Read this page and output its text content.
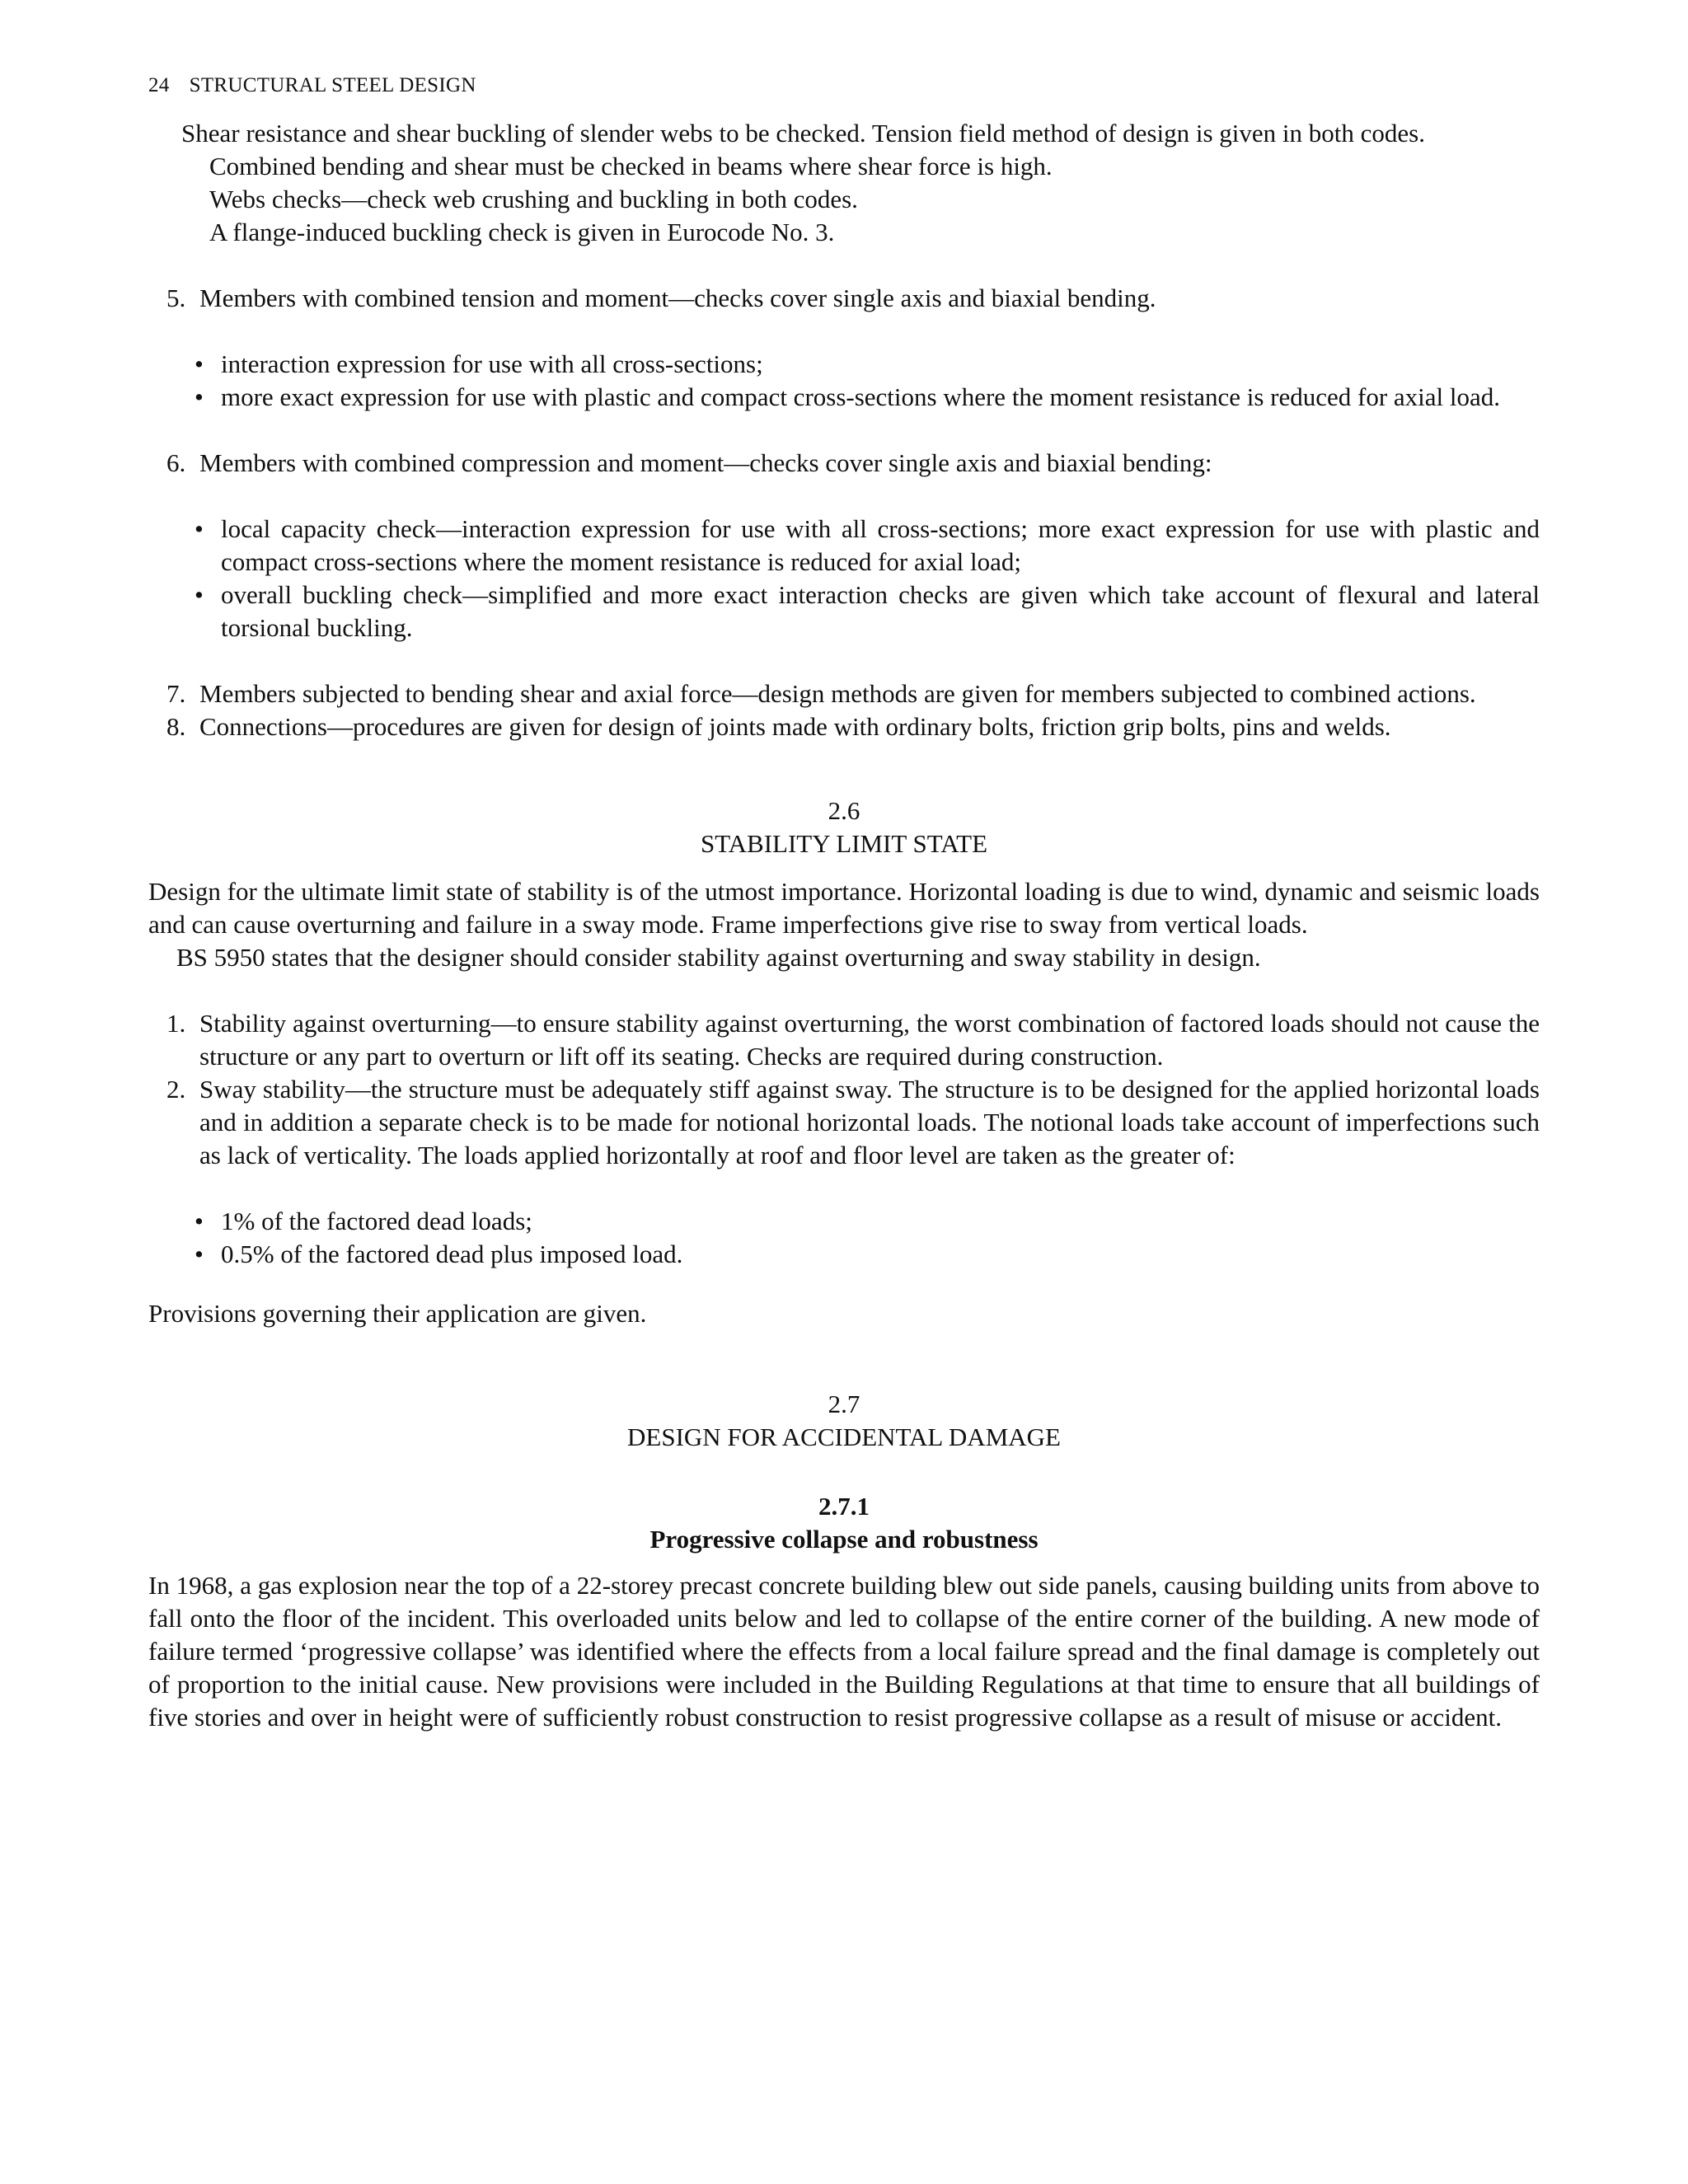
24 STRUCTURAL STEEL DESIGN

Shear resistance and shear buckling of slender webs to be checked. Tension field method of design is given in both codes.

Combined bending and shear must be checked in beams where shear force is high.

Webs checks—check web crushing and buckling in both codes.

A flange-induced buckling check is given in Eurocode No. 3.

5. Members with combined tension and moment—checks cover single axis and biaxial bending.
• interaction expression for use with all cross-sections;
• more exact expression for use with plastic and compact cross-sections where the moment resistance is reduced for axial load.
6. Members with combined compression and moment—checks cover single axis and biaxial bending:
• local capacity check—interaction expression for use with all cross-sections; more exact expression for use with plastic and compact cross-sections where the moment resistance is reduced for axial load;
• overall buckling check—simplified and more exact interaction checks are given which take account of flexural and lateral torsional buckling.
7. Members subjected to bending shear and axial force—design methods are given for members subjected to combined actions.
8. Connections—procedures are given for design of joints made with ordinary bolts, friction grip bolts, pins and welds.
2.6
STABILITY LIMIT STATE

Design for the ultimate limit state of stability is of the utmost importance. Horizontal loading is due to wind, dynamic and seismic loads and can cause overturning and failure in a sway mode. Frame imperfections give rise to sway from vertical loads.

BS 5950 states that the designer should consider stability against overturning and sway stability in design.

1. Stability against overturning—to ensure stability against overturning, the worst combination of factored loads should not cause the structure or any part to overturn or lift off its seating. Checks are required during construction.
2. Sway stability—the structure must be adequately stiff against sway. The structure is to be designed for the applied horizontal loads and in addition a separate check is to be made for notional horizontal loads. The notional loads take account of imperfections such as lack of verticality. The loads applied horizontally at roof and floor level are taken as the greater of:
• 1% of the factored dead loads;
• 0.5% of the factored dead plus imposed load.

Provisions governing their application are given.

2.7
DESIGN FOR ACCIDENTAL DAMAGE
2.7.1
Progressive collapse and robustness

In 1968, a gas explosion near the top of a 22-storey precast concrete building blew out side panels, causing building units from above to fall onto the floor of the incident. This overloaded units below and led to collapse of the entire corner of the building. A new mode of failure termed ‘progressive collapse’ was identified where the effects from a local failure spread and the final damage is completely out of proportion to the initial cause. New provisions were included in the Building Regulations at that time to ensure that all buildings of five stories and over in height were of sufficiently robust construction to resist progressive collapse as a result of misuse or accident.
